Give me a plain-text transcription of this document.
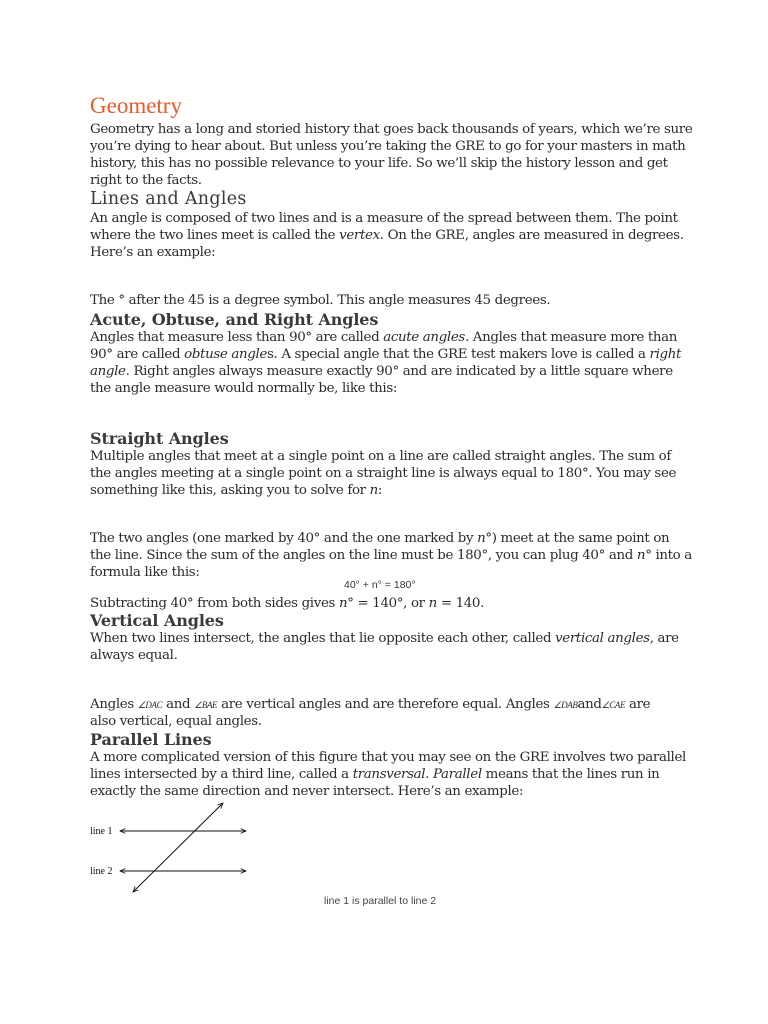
Geometry
Geometry has a long and storied history that goes back thousands of years, which we’re sure
you’re dying to hear about. But unless you’re taking the GRE to go for your masters in math
history, this has no possible relevance to your life. So we’ll skip the history lesson and get
right to the facts.
Lines and Angles
An angle is composed of two lines and is a measure of the spread between them. The point
where the two lines meet is called the vertex. On the GRE, angles are measured in degrees.
Here’s an example:
The ° after the 45 is a degree symbol. This angle measures 45 degrees.
Acute, Obtuse, and Right Angles
Angles that measure less than 90° are called acute angles. Angles that measure more than
90° are called obtuse angles. A special angle that the GRE test makers love is called a right
angle. Right angles always measure exactly 90° and are indicated by a little square where
the angle measure would normally be, like this:
Straight Angles
Multiple angles that meet at a single point on a line are called straight angles. The sum of
the angles meeting at a single point on a straight line is always equal to 180°. You may see
something like this, asking you to solve for n:
The two angles (one marked by 40° and the one marked by n°) meet at the same point on
the line. Since the sum of the angles on the line must be 180°, you can plug 40° and n° into a
formula like this:
40° + n° = 180°
Subtracting 40° from both sides gives n° = 140°, or n = 140.
Vertical Angles
When two lines intersect, the angles that lie opposite each other, called vertical angles, are
always equal.
Angles ∠DAC and ∠BAE are vertical angles and are therefore equal. Angles ∠DABand∠CAE are
also vertical, equal angles.
Parallel Lines
A more complicated version of this figure that you may see on the GRE involves two parallel
lines intersected by a third line, called a transversal. Parallel means that the lines run in
exactly the same direction and never intersect. Here’s an example:
line 1
line 2
line 1 is parallel to line 2
